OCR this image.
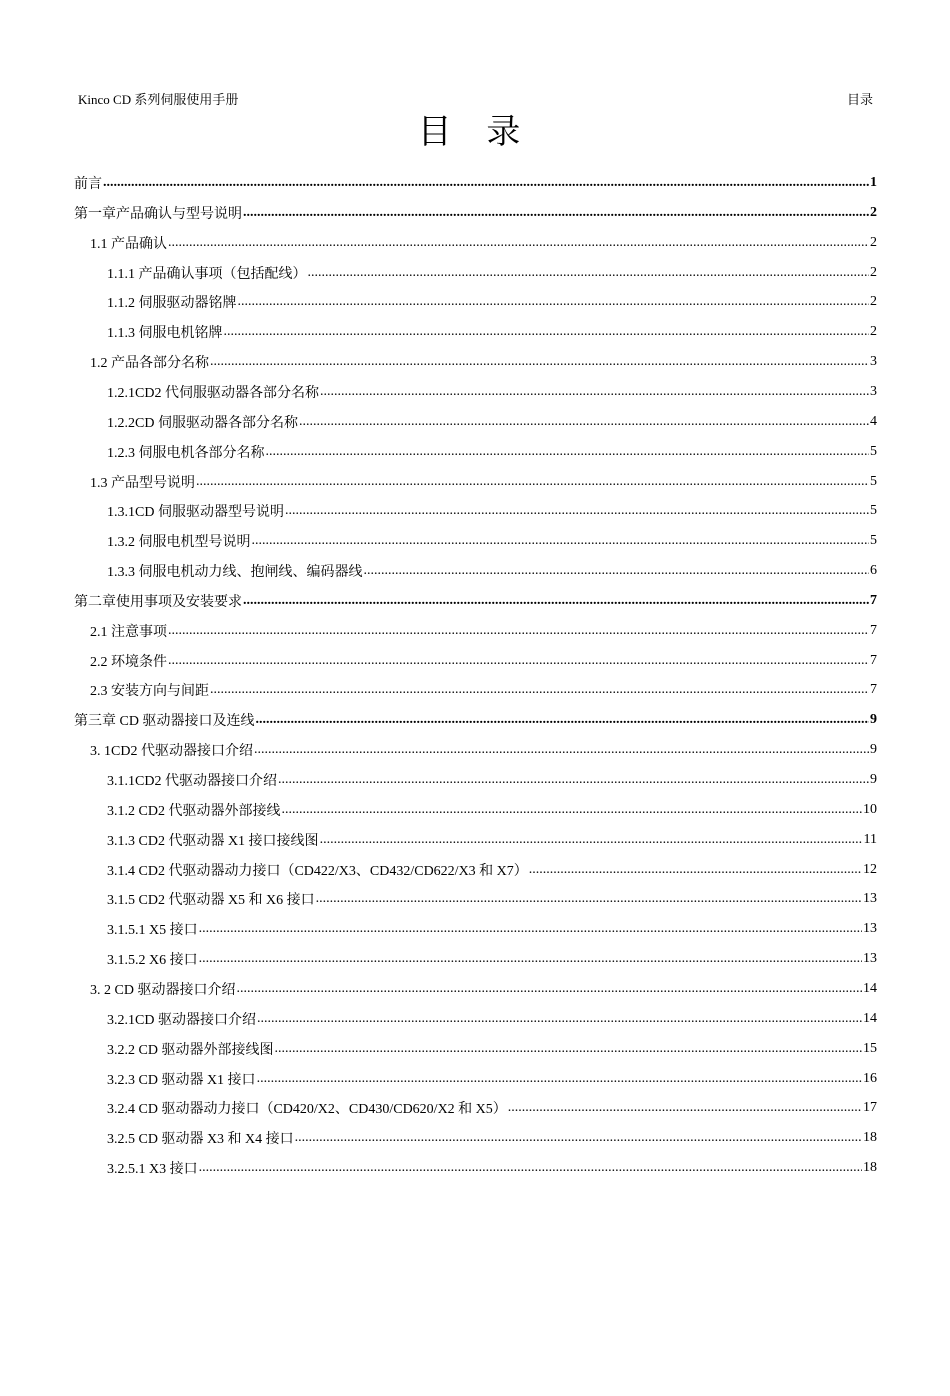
Kinco CD 系列伺服使用手册	目录
目 录
前言 .....	1
第一章产品确认与型号说明 .....	2
1.1 产品确认 .....	2
1.1.1 产品确认事项（包括配线） .....	2
1.1.2 伺服驱动器铭牌 .....	2
1.1.3 伺服电机铭牌 .....	2
1.2 产品各部分名称 .....	3
1.2.1CD2 代伺服驱动器各部分名称 .....	3
1.2.2CD 伺服驱动器各部分名称 .....	4
1.2.3 伺服电机各部分名称 .....	5
1.3 产品型号说明 .....	5
1.3.1CD 伺服驱动器型号说明 .....	5
1.3.2 伺服电机型号说明 .....	5
1.3.3 伺服电机动力线、抱闸线、编码器线 .....	6
第二章使用事项及安装要求 .....	7
2.1 注意事项 .....	7
2.2 环境条件 .....	7
2.3 安装方向与间距 .....	7
第三章 CD 驱动器接口及连线 .....	9
3. 1CD2 代驱动器接口介绍 .....	9
3.1.1CD2 代驱动器接口介绍 .....	9
3.1.2 CD2 代驱动器外部接线 .....	10
3.1.3 CD2 代驱动器 X1 接口接线图 .....	11
3.1.4 CD2 代驱动器动力接口（CD422/X3、CD432/CD622/X3 和 X7） .....	12
3.1.5 CD2 代驱动器 X5 和 X6 接口 .....	13
3.1.5.1 X5 接口 .....	13
3.1.5.2 X6 接口 .....	13
3. 2 CD 驱动器接口介绍 .....	14
3.2.1CD 驱动器接口介绍 .....	14
3.2.2 CD 驱动器外部接线图 .....	15
3.2.3 CD 驱动器 X1 接口 .....	16
3.2.4 CD 驱动器动力接口（CD420/X2、CD430/CD620/X2 和 X5） .....	17
3.2.5 CD 驱动器 X3 和 X4 接口 .....	18
3.2.5.1 X3 接口 .....	18
